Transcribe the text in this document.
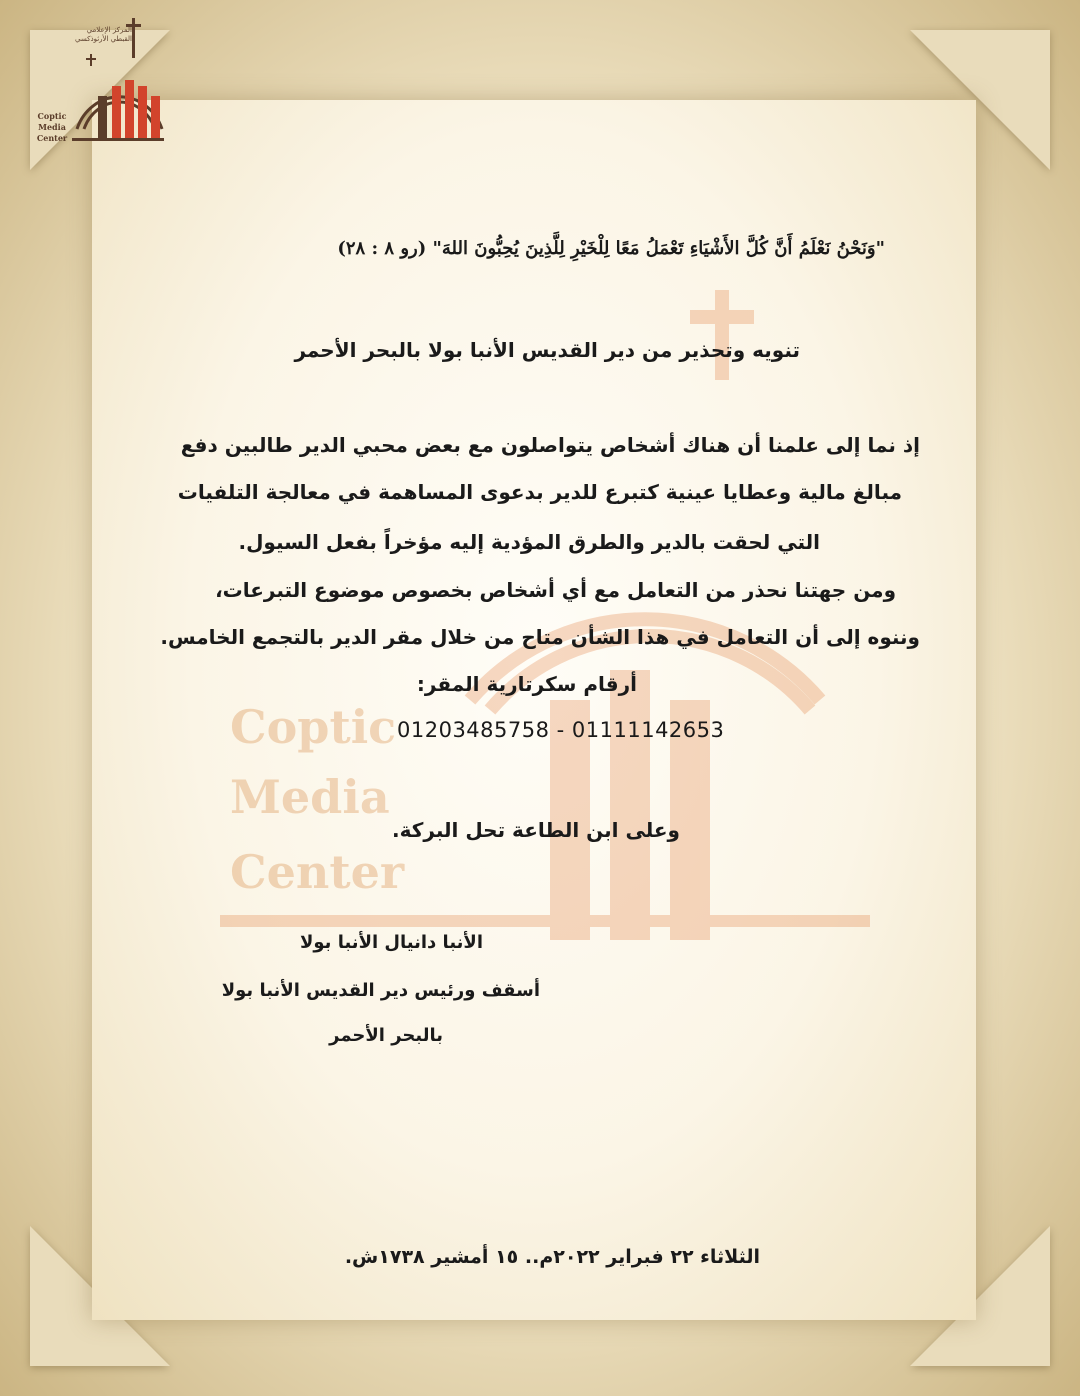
Coptic
Media
Center
المركز الإعلامي
القبطي الأرثوذكسي
Coptic
Media
Center
"وَنَحْنُ نَعْلَمُ أَنَّ كُلَّ الأَشْيَاءِ تَعْمَلُ مَعًا لِلْخَيْرِ لِلَّذِينَ يُحِبُّونَ اللهَ" (رو ٨ : ٢٨)
تنويه وتحذير من دير القديس الأنبا بولا بالبحر الأحمر
إذ نما إلى علمنا أن هناك أشخاص يتواصلون مع بعض محبي الدير طالبين دفع
مبالغ مالية وعطايا عينية كتبرع للدير بدعوى المساهمة في معالجة التلفيات
التي لحقت بالدير والطرق المؤدية إليه مؤخراً بفعل السيول.
ومن جهتنا نحذر من التعامل مع أي أشخاص بخصوص موضوع التبرعات،
وننوه إلى أن التعامل في هذا الشأن متاح من خلال مقر الدير بالتجمع الخامس.
أرقام سكرتارية المقر:
01203485758 - 01111142653
وعلى ابن الطاعة تحل البركة.
الأنبا دانيال الأنبا بولا
أسقف ورئيس دير القديس الأنبا بولا
بالبحر الأحمر
الثلاثاء ٢٢ فبراير ٢٠٢٢م.. ١٥ أمشير ١٧٣٨ش.
